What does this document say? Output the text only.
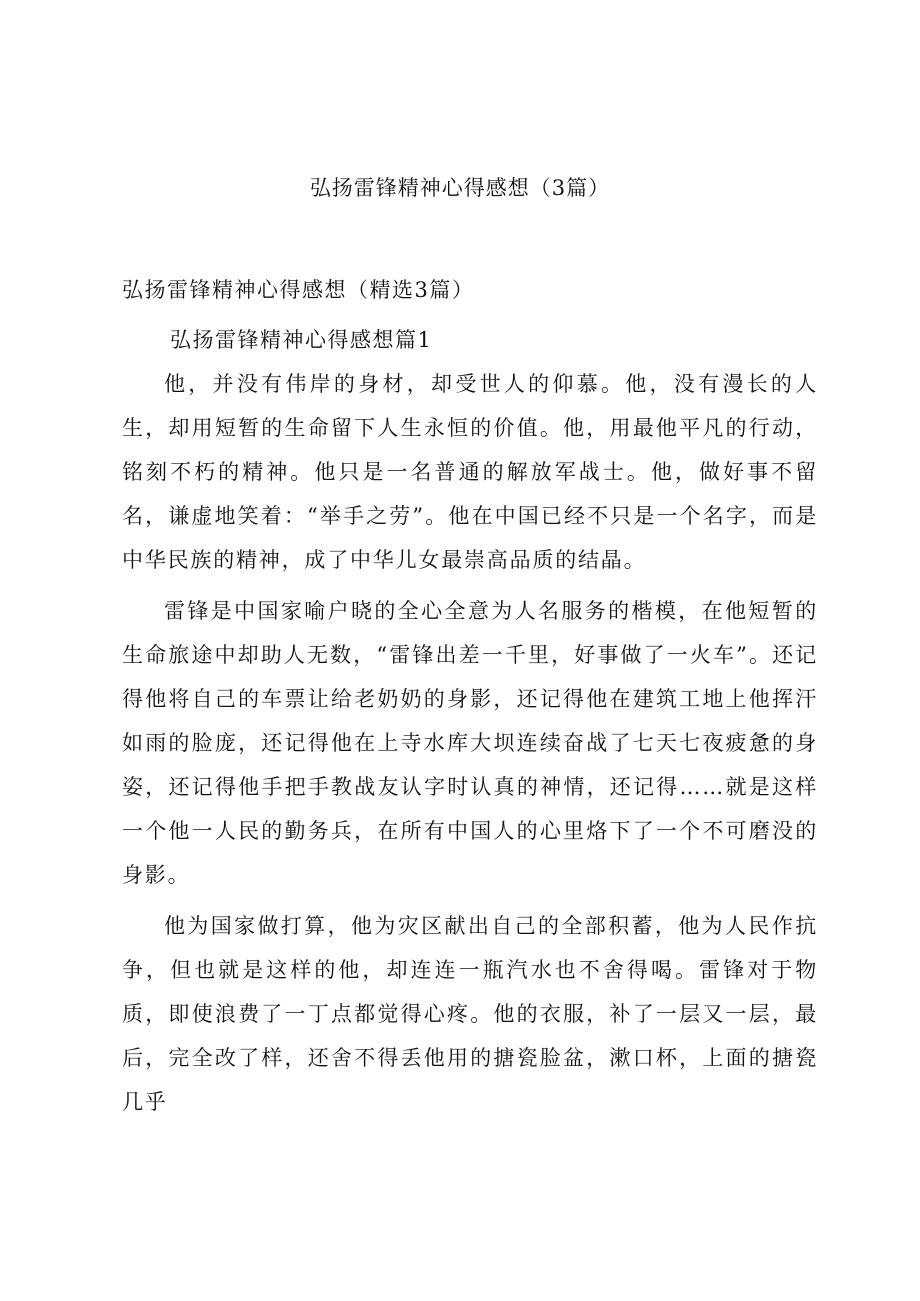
弘扬雷锋精神心得感想（3篇）

弘扬雷锋精神心得感想（精选3篇）

弘扬雷锋精神心得感想篇1

他，并没有伟岸的身材，却受世人的仰慕。他，没有漫长的人生，却用短暂的生命留下人生永恒的价值。他，用最他平凡的行动，铭刻不朽的精神。他只是一名普通的解放军战士。他，做好事不留名，谦虚地笑着：“举手之劳”。他在中国已经不只是一个名字，而是中华民族的精神，成了中华儿女最崇高品质的结晶。

雷锋是中国家喻户晓的全心全意为人名服务的楷模，在他短暂的生命旅途中却助人无数，“雷锋出差一千里，好事做了一火车”。还记得他将自己的车票让给老奶奶的身影，还记得他在建筑工地上他挥汗如雨的脸庞，还记得他在上寺水库大坝连续奋战了七天七夜疲惫的身姿，还记得他手把手教战友认字时认真的神情，还记得……就是这样一个他一人民的勤务兵，在所有中国人的心里烙下了一个不可磨没的身影。

他为国家做打算，他为灾区献出自己的全部积蓄，他为人民作抗争，但也就是这样的他，却连连一瓶汽水也不舍得喝。雷锋对于物质，即使浪费了一丁点都觉得心疼。他的衣服，补了一层又一层，最后，完全改了样，还舍不得丢他用的搪瓷脸盆，漱口杯，上面的搪瓷几乎
